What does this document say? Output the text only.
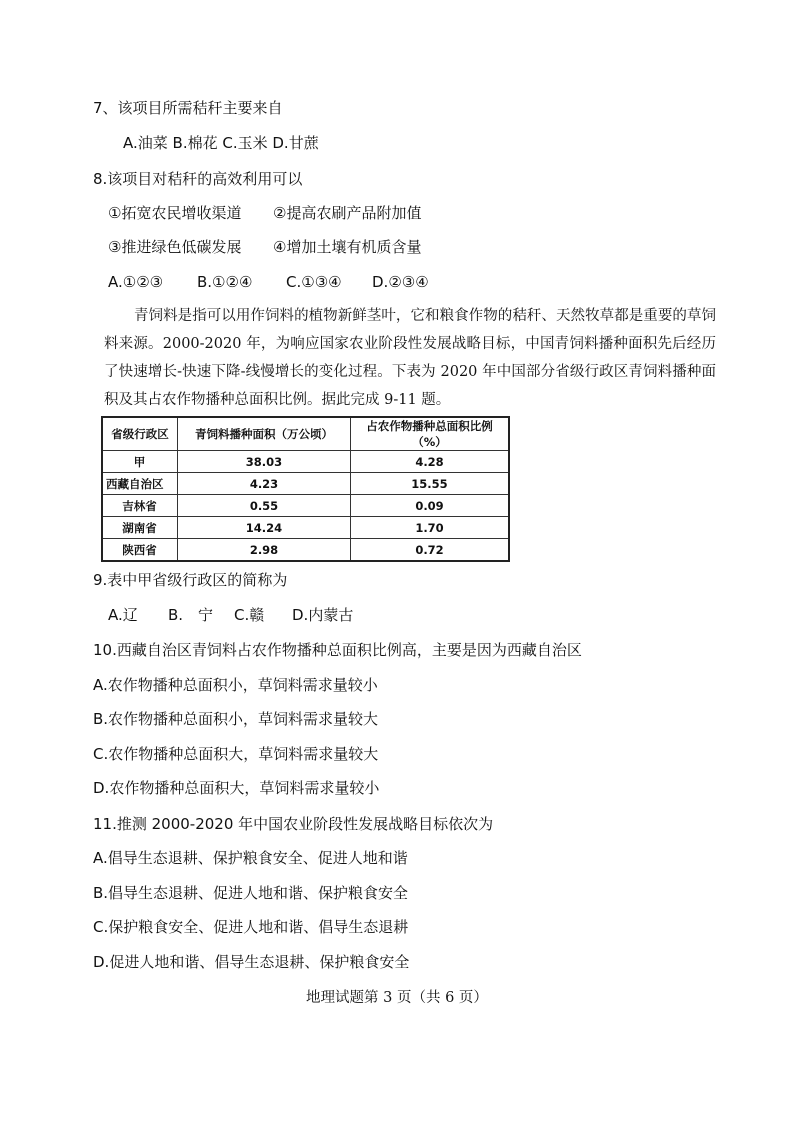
7、该项目所需秸秆主要来自
A.油菜 B.棉花 C.玉米 D.甘蔗
8.该项目对秸秆的高效利用可以
①拓宽农民增收渠道 ②提高农刷产品附加值
③推进绿色低碳发展 ④增加土壤有机质含量
A.①②③ B.①②④ C.①③④ D.②③④

青饲料是指可以用作饲料的植物新鲜茎叶，它和粮食作物的秸秆、天然牧草都是重要的草饲料来源。2000-2020 年，为响应国家农业阶段性发展战略目标，中国青饲料播种面积先后经历了快速增长-快速下降-线慢增长的变化过程。下表为 2020 年中国部分省级行政区青饲料播种面积及其占农作物播种总面积比例。据此完成 9-11 题。

省级行政区	青饲料播种面积（万公顷）	占农作物播种总面积比例（%）
甲	38.03	4.28
西藏自治区	4.23	15.55
吉林省	0.55	0.09
湖南省	14.24	1.70
陕西省	2.98	0.72
9.表中甲省级行政区的简称为
A.辽 B.　宁 C.赣 D.内蒙古
10.西藏自治区青饲料占农作物播种总面积比例高，主要是因为西藏自治区
A.农作物播种总面积小，草饲料需求量较小
B.农作物播种总面积小，草饲料需求量较大
C.农作物播种总面积大，草饲料需求量较大
D.农作物播种总面积大，草饲料需求量较小
11.推测 2000-2020 年中国农业阶段性发展战略目标依次为
A.倡导生态退耕、保护粮食安全、促进人地和谐
B.倡导生态退耕、促进人地和谐、保护粮食安全
C.保护粮食安全、促进人地和谐、倡导生态退耕
D.促进人地和谐、倡导生态退耕、保护粮食安全
地理试题第 3 页（共 6 页）
